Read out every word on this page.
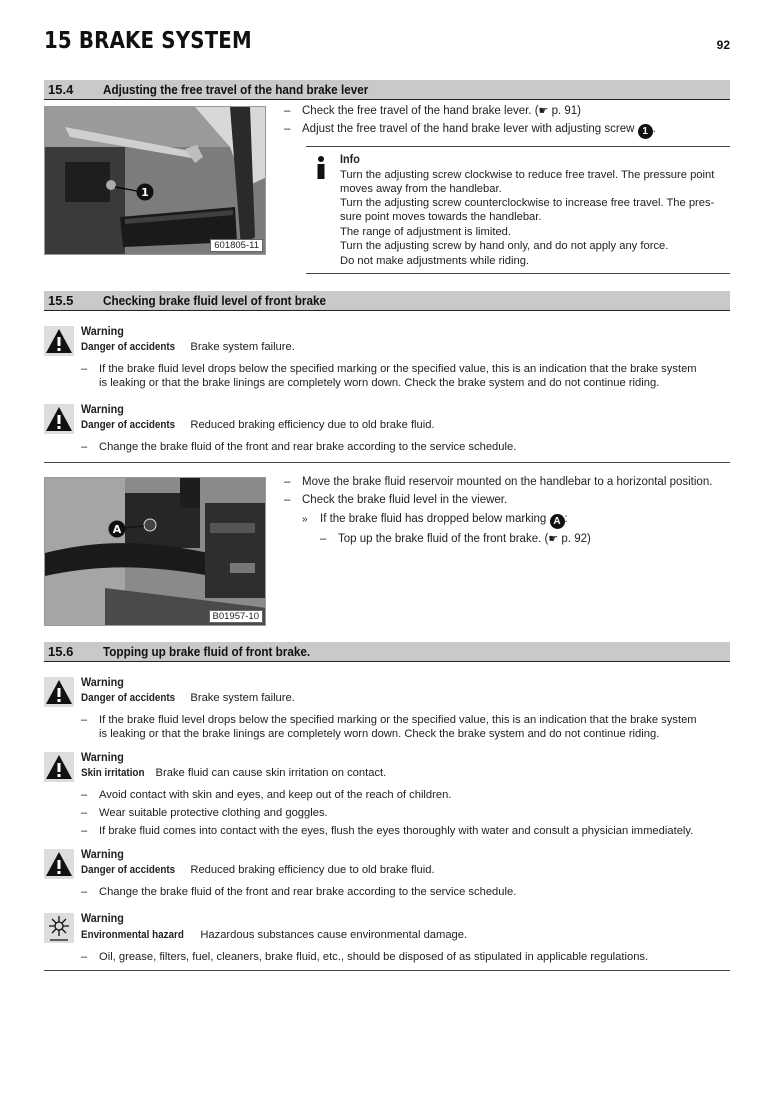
15 BRAKE SYSTEM	92
15.4 Adjusting the free travel of the hand brake lever
1
601805-11
– Check the free travel of the hand brake lever. (☛ p. 91)
– Adjust the free travel of the hand brake lever with adjusting screw 1 .
Info
Turn the adjusting screw clockwise to reduce free travel. The pressure point
moves away from the handlebar.
Turn the adjusting screw counterclockwise to increase free travel. The pres-
sure point moves towards the handlebar.
The range of adjustment is limited.
Turn the adjusting screw by hand only, and do not apply any force.
Do not make adjustments while riding.
15.5 Checking brake fluid level of front brake
Warning
Danger of accidents Brake system failure.
– If the brake fluid level drops below the specified marking or the specified value, this is an indication that the brake system
is leaking or that the brake linings are completely worn down. Check the brake system and do not continue riding.
Warning
Danger of accidents Reduced braking efficiency due to old brake fluid.
– Change the brake fluid of the front and rear brake according to the service schedule.
A
B01957-10
– Move the brake fluid reservoir mounted on the handlebar to a horizontal position.
– Check the brake fluid level in the viewer.
» If the brake fluid has dropped below marking A :
– Top up the brake fluid of the front brake. (☛ p. 92)
15.6 Topping up brake fluid of front brake.
Warning
Danger of accidents Brake system failure.
– If the brake fluid level drops below the specified marking or the specified value, this is an indication that the brake system
is leaking or that the brake linings are completely worn down. Check the brake system and do not continue riding.
Warning
Skin irritation Brake fluid can cause skin irritation on contact.
– Avoid contact with skin and eyes, and keep out of the reach of children.
– Wear suitable protective clothing and goggles.
– If brake fluid comes into contact with the eyes, flush the eyes thoroughly with water and consult a physician immediately.
Warning
Danger of accidents Reduced braking efficiency due to old brake fluid.
– Change the brake fluid of the front and rear brake according to the service schedule.
Warning
Environmental hazard Hazardous substances cause environmental damage.
– Oil, grease, filters, fuel, cleaners, brake fluid, etc., should be disposed of as stipulated in applicable regulations.
